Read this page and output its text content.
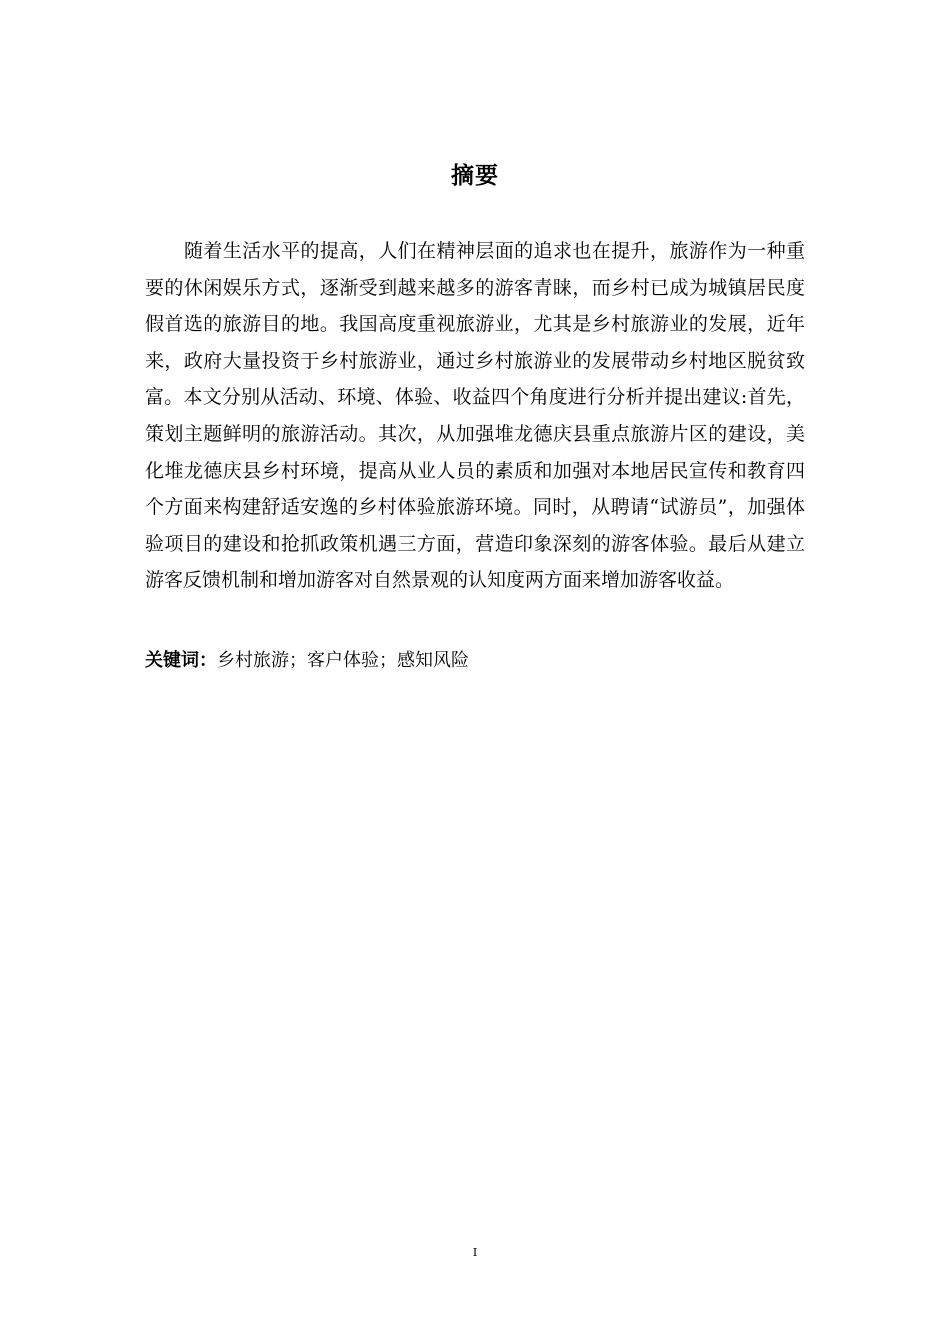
摘要

随着生活水平的提高，人们在精神层面的追求也在提升，旅游作为一种重要的休闲娱乐方式，逐渐受到越来越多的游客青睐，而乡村已成为城镇居民度假首选的旅游目的地。我国高度重视旅游业，尤其是乡村旅游业的发展，近年来，政府大量投资于乡村旅游业，通过乡村旅游业的发展带动乡村地区脱贫致富。本文分别从活动、环境、体验、收益四个角度进行分析并提出建议:首先，策划主题鲜明的旅游活动。其次，从加强堆龙德庆县重点旅游片区的建设，美化堆龙德庆县乡村环境，提高从业人员的素质和加强对本地居民宣传和教育四个方面来构建舒适安逸的乡村体验旅游环境。同时，从聘请“试游员”，加强体验项目的建设和抢抓政策机遇三方面，营造印象深刻的游客体验。最后从建立游客反馈机制和增加游客对自然景观的认知度两方面来增加游客收益。

关键词：乡村旅游；客户体验；感知风险

I
